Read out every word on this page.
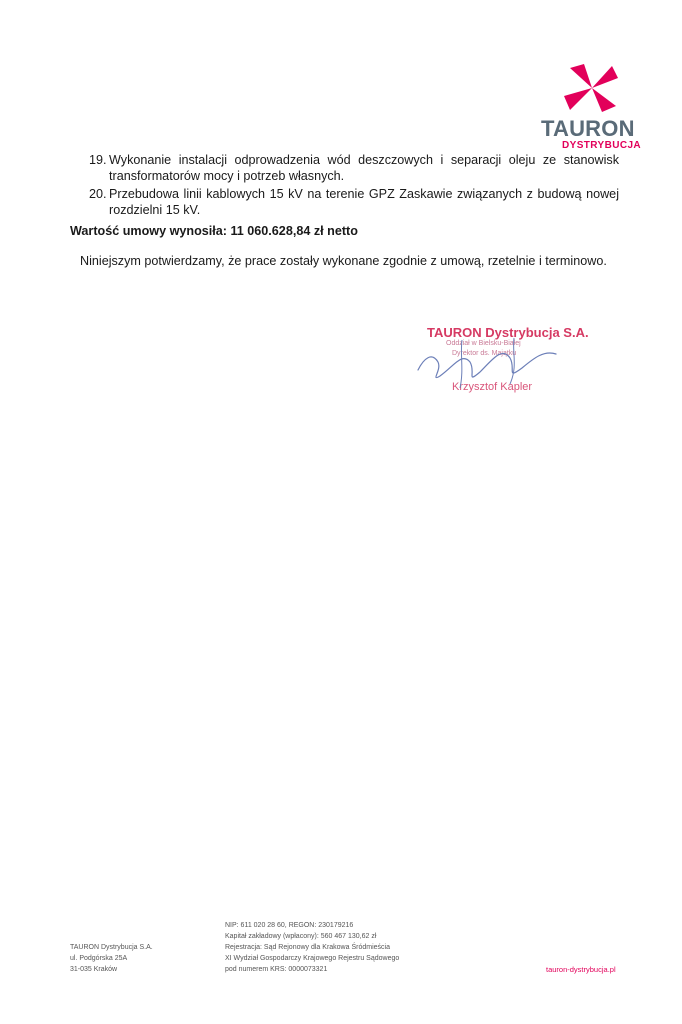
TAURON
DYSTRYBUCJA
19. Wykonanie instalacji odprowadzenia wód deszczowych i separacji oleju ze stanowisk transformatorów mocy i potrzeb własnych.
20. Przebudowa linii kablowych 15 kV na terenie GPZ Zaskawie związanych z budową nowej rozdzielni 15 kV.
Wartość umowy wynosiła: 11 060.628,84 zł netto
Niniejszym potwierdzamy, że prace zostały wykonane zgodnie z umową, rzetelnie i terminowo.
TAURON Dystrybucja S.A.
Oddział w Bielsku-Białej
Dyrektor ds. Majątku
Krzysztof Kapler
TAURON Dystrybucja S.A.
ul. Podgórska 25A
31-035 Kraków
NIP: 611 020 28 60, REGON: 230179216
Kapitał zakładowy (wpłacony): 560 467 130,62 zł
Rejestracja: Sąd Rejonowy dla Krakowa Śródmieścia
XI Wydział Gospodarczy Krajowego Rejestru Sądowego
pod numerem KRS: 0000073321	tauron-dystrybucja.pl
